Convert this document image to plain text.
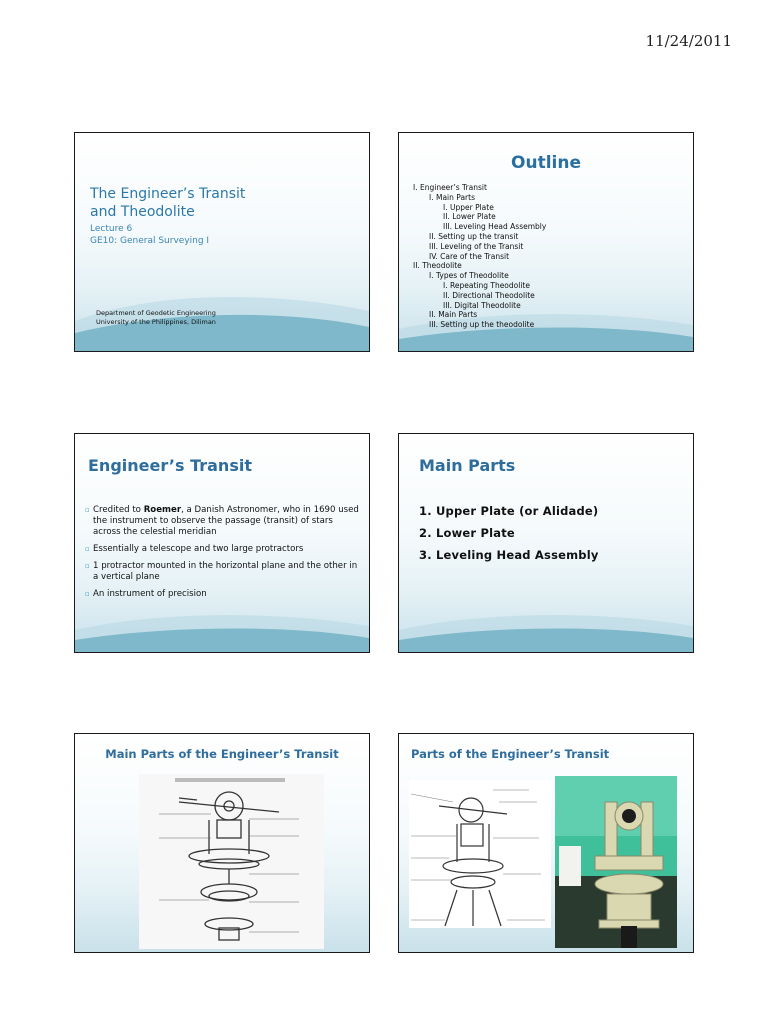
11/24/2011
The Engineer’s Transit
and Theodolite
Lecture 6
GE10: General Surveying I
Department of Geodetic Engineering
University of the Philippines, Diliman
Outline
I. Engineer’s Transit
I. Main Parts
I. Upper Plate
II. Lower Plate
III. Leveling Head Assembly
II. Setting up the transit
III. Leveling of the Transit
IV. Care of the Transit
II. Theodolite
I. Types of Theodolite
I. Repeating Theodolite
II. Directional Theodolite
III. Digital Theodolite
II. Main Parts
III. Setting up the theodolite
Engineer’s Transit
▫ Credited to Roemer, a Danish Astronomer, who in 1690 used the instrument to observe the passage (transit) of stars across the celestial meridian
▫ Essentially a telescope and two large protractors
▫ 1 protractor mounted in the horizontal plane and the other in a vertical plane
▫ An instrument of precision
Main Parts
1. Upper Plate (or Alidade)
2. Lower Plate
3. Leveling Head Assembly
Main Parts of the Engineer’s Transit	Parts of the Engineer’s Transit
